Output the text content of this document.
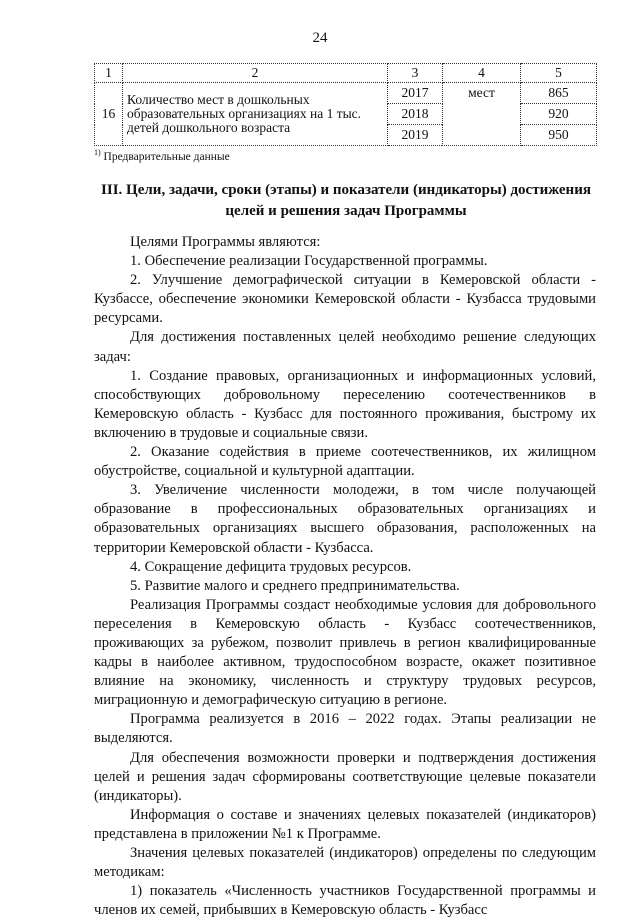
24
1	2	3	4	5
16	Количество мест в дошкольных образовательных организациях на 1 тыс. детей дошкольного возраста	2017	мест	865
		2018		920
		2019		950
$^{1)}$ Предварительные данные
III. Цели, задачи, сроки (этапы) и показатели (индикаторы) достижения целей и решения задач Программы

Целями Программы являются:

1. Обеспечение реализации Государственной программы.

2. Улучшение демографической ситуации в Кемеровской области - Кузбассе, обеспечение экономики Кемеровской области - Кузбасса трудовыми ресурсами.

Для достижения поставленных целей необходимо решение следующих задач:

1. Создание правовых, организационных и информационных условий, способствующих добровольному переселению соотечественников в Кемеровскую область - Кузбасс для постоянного проживания, быстрому их включению в трудовые и социальные связи.

2. Оказание содействия в приеме соотечественников, их жилищном обустройстве, социальной и культурной адаптации.

3. Увеличение численности молодежи, в том числе получающей образование в профессиональных образовательных организациях и образовательных организациях высшего образования, расположенных на территории Кемеровской области - Кузбасса.

4. Сокращение дефицита трудовых ресурсов.

5. Развитие малого и среднего предпринимательства.

Реализация Программы создаст необходимые условия для добровольного переселения в Кемеровскую область - Кузбасс соотечественников, проживающих за рубежом, позволит привлечь в регион квалифицированные кадры в наиболее активном, трудоспособном возрасте, окажет позитивное влияние на экономику, численность и структуру трудовых ресурсов, миграционную и демографическую ситуацию в регионе.

Программа реализуется в 2016 – 2022 годах. Этапы реализации не выделяются.

Для обеспечения возможности проверки и подтверждения достижения целей и решения задач сформированы соответствующие целевые показатели (индикаторы).

Информация о составе и значениях целевых показателей (индикаторов) представлена в приложении №1 к Программе.

Значения целевых показателей (индикаторов) определены по следующим методикам:

1) показатель «Численность участников Государственной программы и членов их семей, прибывших в Кемеровскую область - Кузбасс
